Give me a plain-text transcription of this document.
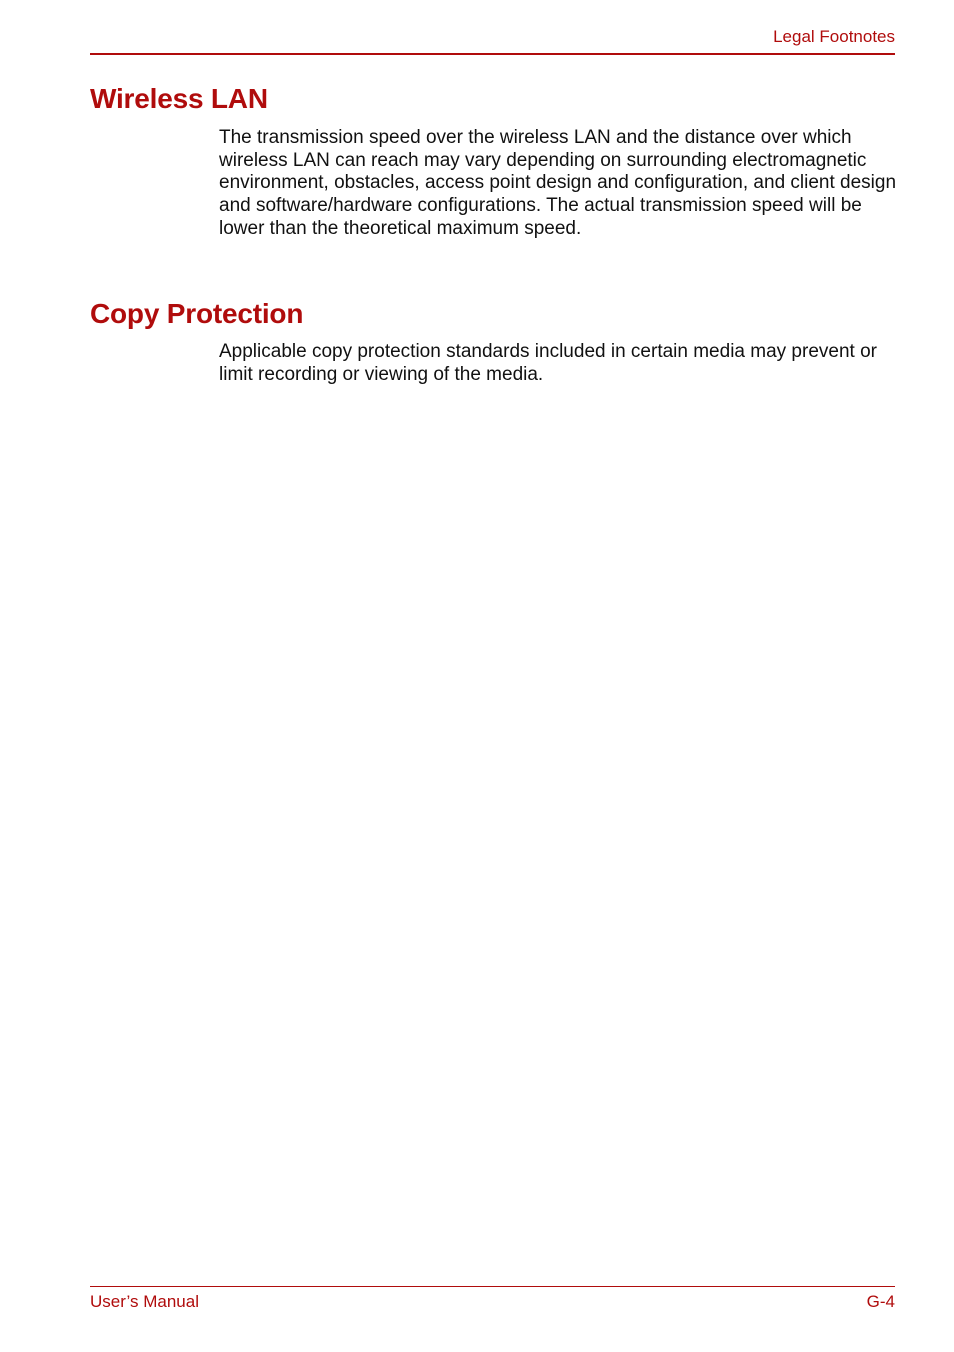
Legal Footnotes
Wireless LAN

The transmission speed over the wireless LAN and the distance over which wireless LAN can reach may vary depending on surrounding electromagnetic environment, obstacles, access point design and configuration, and client design and software/hardware configurations. The actual transmission speed will be lower than the theoretical maximum speed.

Copy Protection

Applicable copy protection standards included in certain media may prevent or limit recording or viewing of the media.

User’s Manual	G-4
